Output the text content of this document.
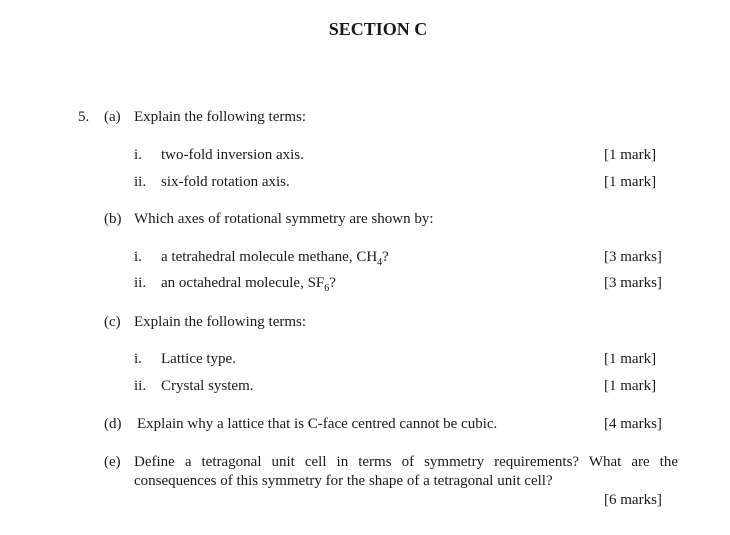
SECTION C
5. (a) Explain the following terms:
i. two-fold inversion axis.	[1 mark]
ii. six-fold rotation axis.	[1 mark]
(b) Which axes of rotational symmetry are shown by:
i. a tetrahedral molecule methane, $CH_4$?	[3 marks]
ii. an octahedral molecule, $SF_6$?	[3 marks]
(c) Explain the following terms:
i. Lattice type.	[1 mark]
ii. Crystal system.	[1 mark]
(d) Explain why a lattice that is C-face centred cannot be cubic.	[4 marks]
(e) Define a tetragonal unit cell in terms of symmetry requirements? What are the
consequences of this symmetry for the shape of a tetragonal unit cell?
[6 marks]
